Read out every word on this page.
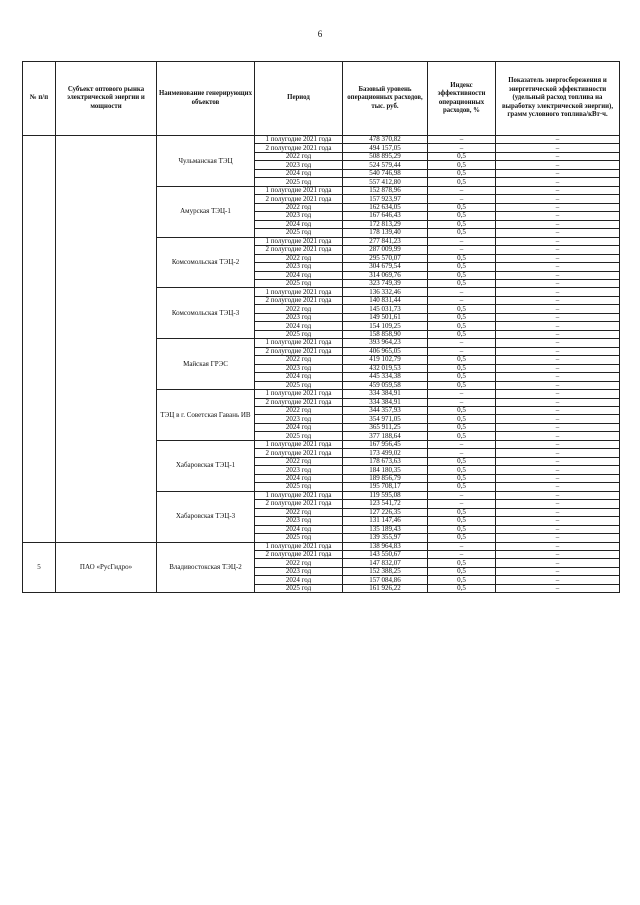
6
№ п/п	Субъект оптового рынка электрической энергии и мощности	Наименование генерирующих объектов	Период	Базовый уровень операционных расходов, тыс. руб.	Индекс эффективности операционных расходов, %	Показатель энергосбережения и энергетической эффективности (удельный расход топлива на выработку электрической энергии), грамм условного топлива/кВт·ч.
		Чульманская ТЭЦ	1 полугодие 2021 года	478 370,82	–	–
			2 полугодие 2021 года	494 157,05	–	–
			2022 год	508 895,29	0,5	–
			2023 год	524 579,44	0,5	–
			2024 год	540 746,98	0,5	–
			2025 год	557 412,80	0,5	–
		Амурская ТЭЦ-1	1 полугодие 2021 года	152 878,96	–	–
			2 полугодие 2021 года	157 923,97	–	–
			2022 год	162 634,05	0,5	–
			2023 год	167 646,43	0,5	–
			2024 год	172 813,29	0,5	–
			2025 год	178 139,40	0,5	–
		Комсомольская ТЭЦ-2	1 полугодие 2021 года	277 841,23	–	–
			2 полугодие 2021 года	287 009,99	–	–
			2022 год	295 570,07	0,5	–
			2023 год	304 679,54	0,5	–
			2024 год	314 069,76	0,5	–
			2025 год	323 749,39	0,5	–
		Комсомольская ТЭЦ-3	1 полугодие 2021 года	136 332,46	–	–
			2 полугодие 2021 года	140 831,44	–	–
			2022 год	145 031,73	0,5	–
			2023 год	149 501,61	0,5	–
			2024 год	154 109,25	0,5	–
			2025 год	158 858,90	0,5	–
		Майская ГРЭС	1 полугодие 2021 года	393 964,23	–	–
			2 полугодие 2021 года	406 965,05	–	–
			2022 год	419 102,79	0,5	–
			2023 год	432 019,53	0,5	–
			2024 год	445 334,38	0,5	–
			2025 год	459 059,58	0,5	–
		ТЭЦ в г. Советская Гавань ИВ	1 полугодие 2021 года	334 384,91	–	–
			2 полугодие 2021 года	334 384,91	–	–
			2022 год	344 357,93	0,5	–
			2023 год	354 971,05	0,5	–
			2024 год	365 911,25	0,5	–
			2025 год	377 188,64	0,5	–
		Хабаровская ТЭЦ-1	1 полугодие 2021 года	167 956,45	–	–
			2 полугодие 2021 года	173 499,02	–	–
			2022 год	178 673,63	0,5	–
			2023 год	184 180,35	0,5	–
			2024 год	189 856,79	0,5	–
			2025 год	195 708,17	0,5	–
		Хабаровская ТЭЦ-3	1 полугодие 2021 года	119 595,08	–	–
			2 полугодие 2021 года	123 541,72	–	–
			2022 год	127 226,35	0,5	–
			2023 год	131 147,46	0,5	–
			2024 год	135 189,43	0,5	–
			2025 год	139 355,97	0,5	–
5	ПАО «РусГидро»	Владивостокская ТЭЦ-2	1 полугодие 2021 года	138 964,83	–	–
			2 полугодие 2021 года	143 550,67	–	–
			2022 год	147 832,07	0,5	–
			2023 год	152 388,25	0,5	–
			2024 год	157 084,86	0,5	–
			2025 год	161 926,22	0,5	–
